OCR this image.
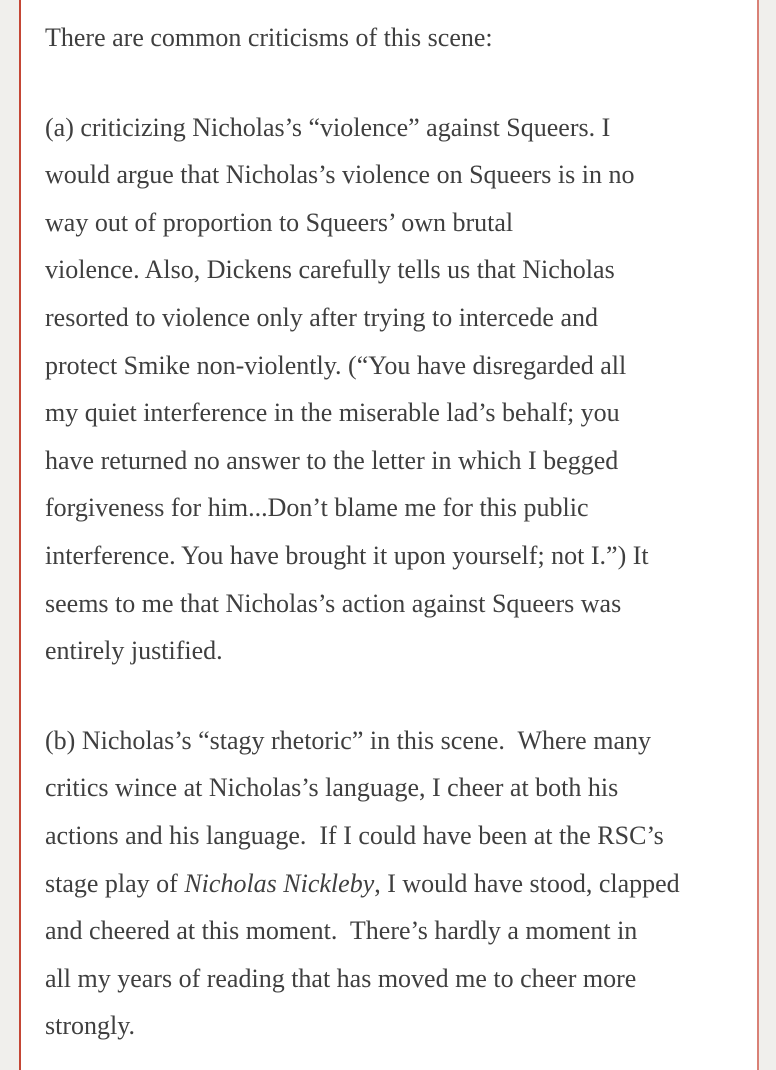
There are common criticisms of this scene:
(a) criticizing Nicholas’s “violence” against Squeers. I
would argue that Nicholas’s violence on Squeers is in no
way out of proportion to Squeers’ own brutal
violence. Also, Dickens carefully tells us that Nicholas
resorted to violence only after trying to intercede and
protect Smike non-violently. (“You have disregarded all
my quiet interference in the miserable lad’s behalf; you
have returned no answer to the letter in which I begged
forgiveness for him...Don’t blame me for this public
interference. You have brought it upon yourself; not I.”) It
seems to me that Nicholas’s action against Squeers was
entirely justified.
(b) Nicholas’s “stagy rhetoric” in this scene.  Where many
critics wince at Nicholas’s language, I cheer at both his
actions and his language.  If I could have been at the RSC’s
stage play of Nicholas Nickleby, I would have stood, clapped
and cheered at this moment.  There’s hardly a moment in
all my years of reading that has moved me to cheer more
strongly.
